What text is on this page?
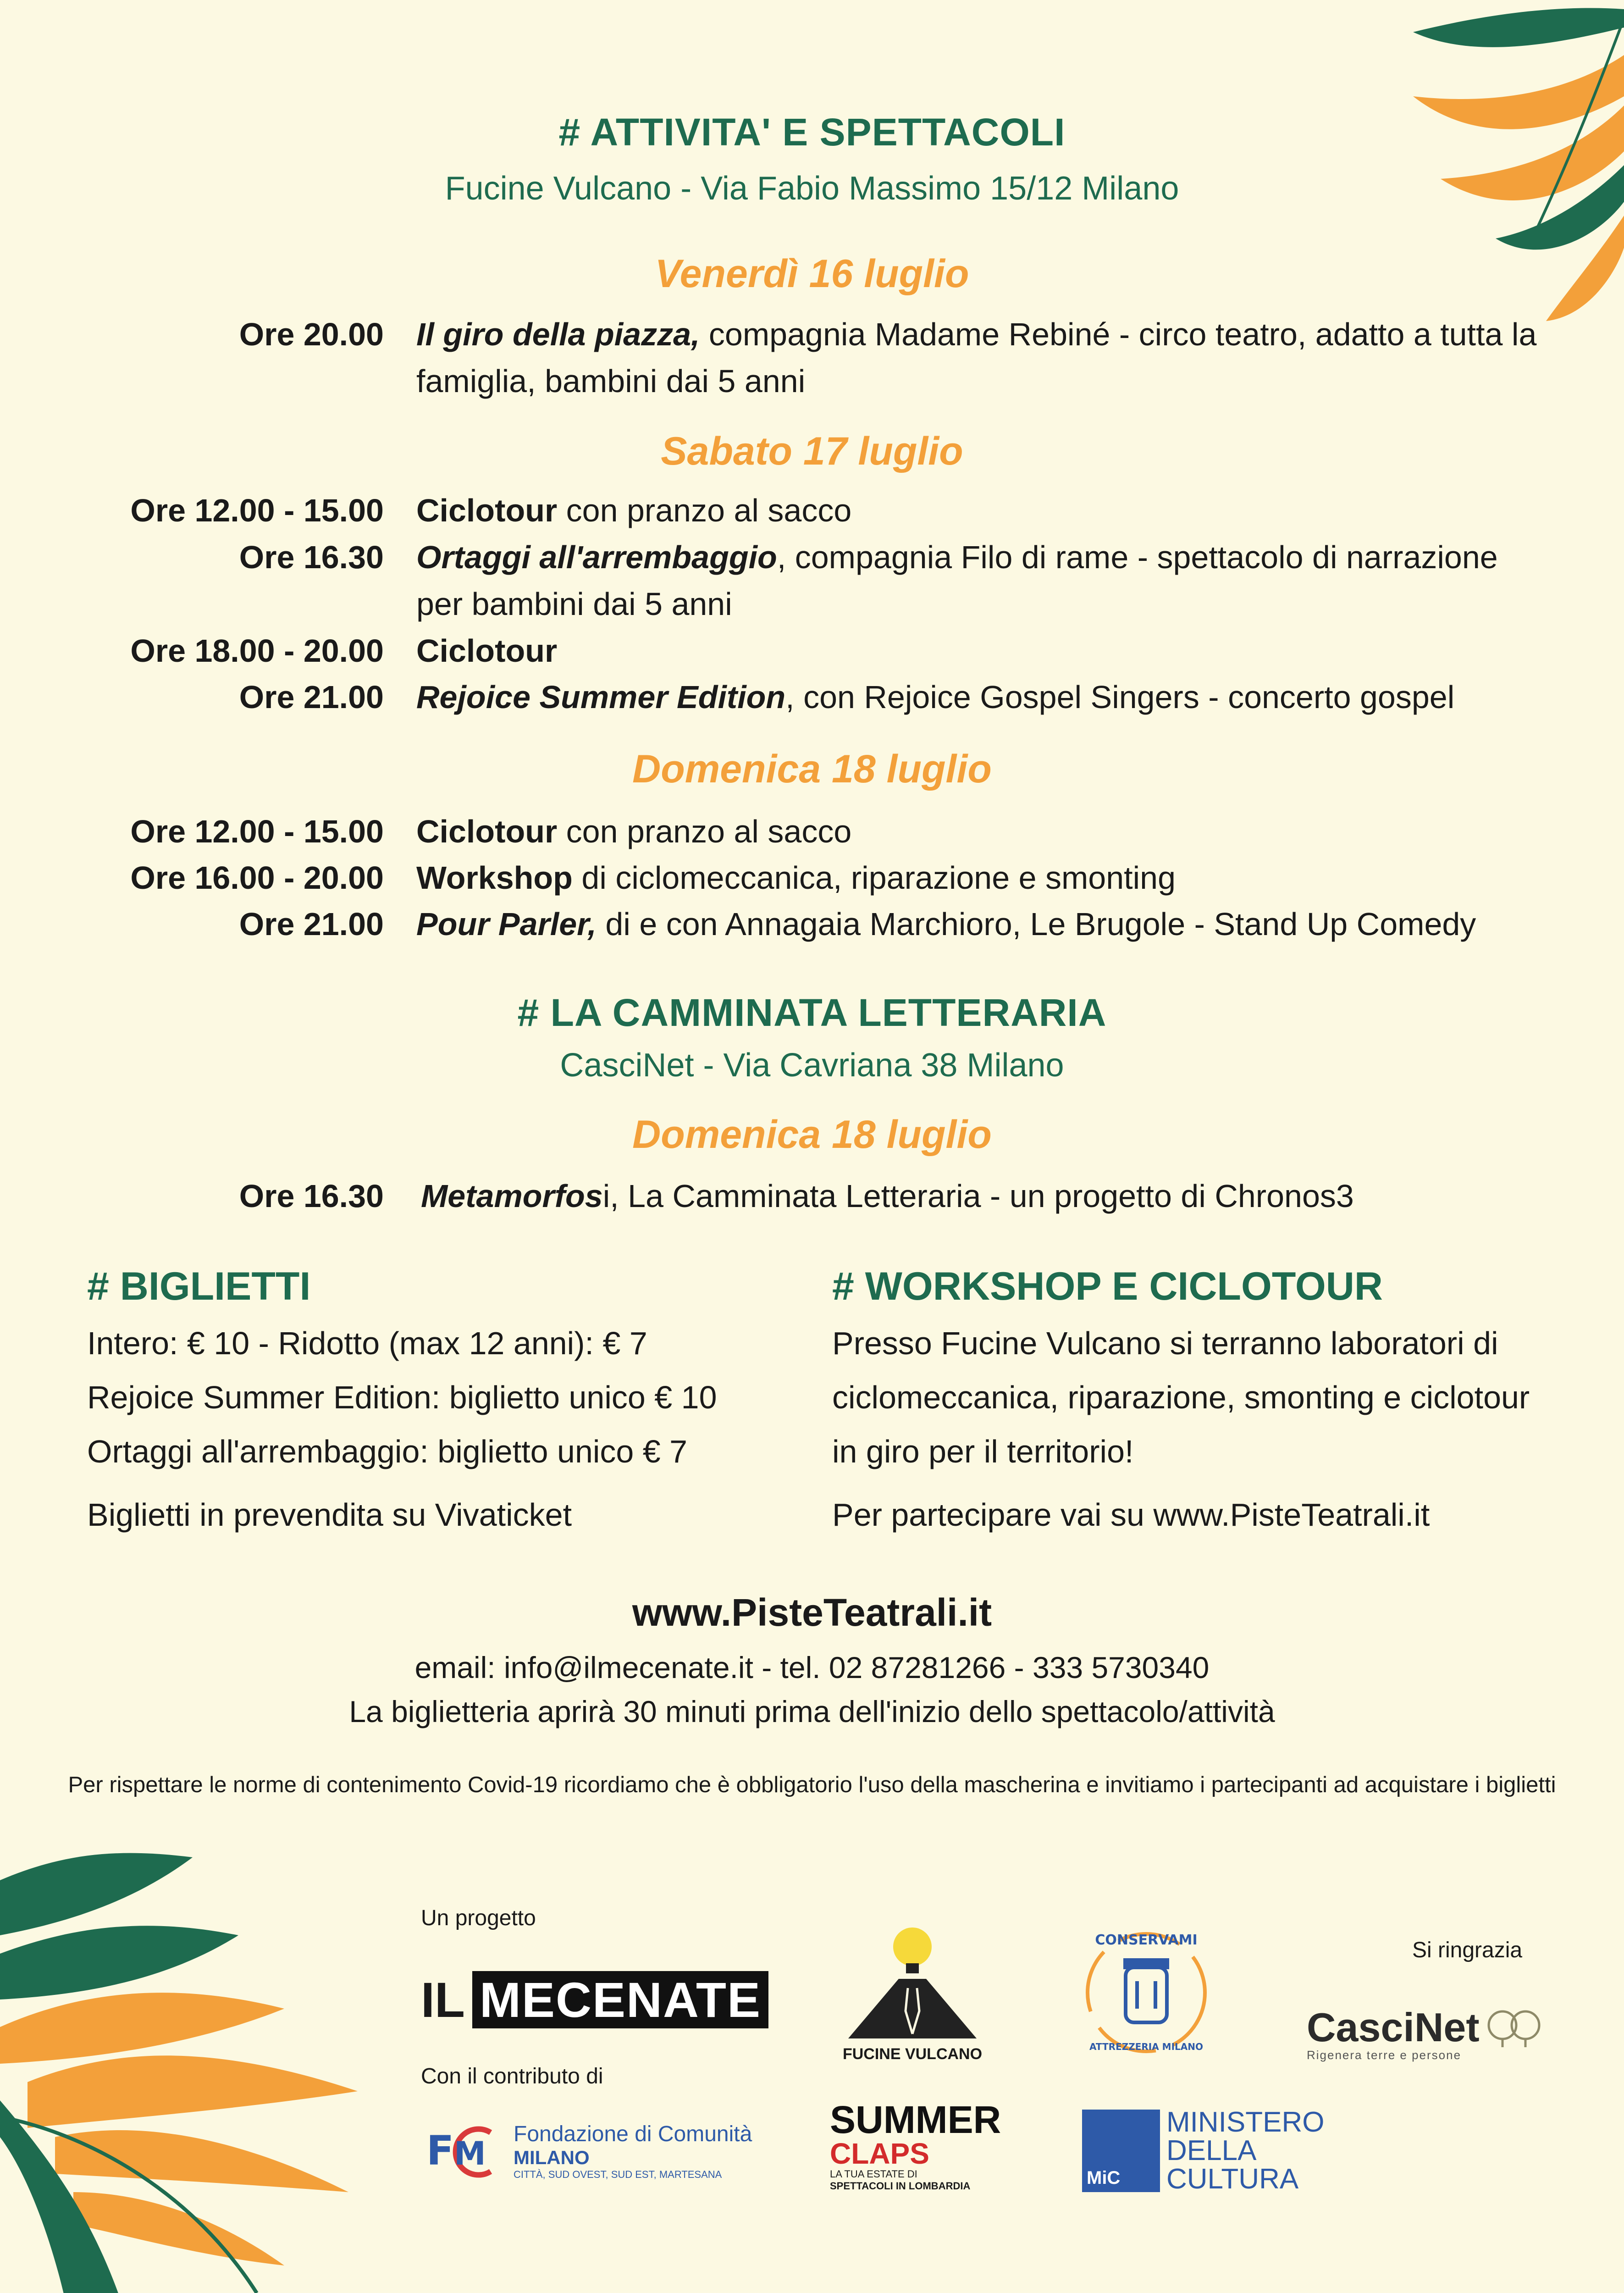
# ATTIVITA' E SPETTACOLI
Fucine Vulcano - Via Fabio Massimo 15/12 Milano
Venerdì 16 luglio
Ore 20.00 Il giro della piazza, compagnia Madame Rebiné - circo teatro, adatto a tutta la famiglia, bambini dai 5 anni
Sabato 17 luglio
Ore 12.00 - 15.00 Ciclotour con pranzo al sacco
Ore 16.30 Ortaggi all'arrembaggio, compagnia Filo di rame - spettacolo di narrazione per bambini dai 5 anni
Ore 18.00 - 20.00 Ciclotour
Ore 21.00 Rejoice Summer Edition, con Rejoice Gospel Singers - concerto gospel
Domenica 18 luglio
Ore 12.00 - 15.00 Ciclotour con pranzo al sacco
Ore 16.00 - 20.00 Workshop di ciclomeccanica, riparazione e smonting
Ore 21.00 Pour Parler, di e con Annagaia Marchioro, Le Brugole - Stand Up Comedy
# LA CAMMINATA LETTERARIA
CasciNet - Via Cavriana 38 Milano
Domenica 18 luglio
Ore 16.30 Metamorfosi, La Camminata Letteraria - un progetto di Chronos3
# BIGLIETTI
Intero: € 10 - Ridotto (max 12 anni): € 7
Rejoice Summer Edition: biglietto unico € 10
Ortaggi all'arrembaggio: biglietto unico € 7
Biglietti in prevendita su Vivaticket
# WORKSHOP E CICLOTOUR
Presso Fucine Vulcano si terranno laboratori di ciclomeccanica, riparazione, smonting e ciclotour in giro per il territorio!
Per partecipare vai su www.PisteTeatrali.it
www.PisteTeatrali.it
email: info@ilmecenate.it - tel. 02 87281266 - 333 5730340
La biglietteria aprirà 30 minuti prima dell'inizio dello spettacolo/attività
Per rispettare le norme di contenimento Covid-19 ricordiamo che è obbligatorio l'uso della mascherina e invitiamo i partecipanti ad acquistare i biglietti
Un progetto
IL MECENATE
Con il contributo di
FUCINE VULCANO
CONSERVAMI
ATTREZZERIA MILANO
Si ringrazia
CasciNet
Rigenera terre e persone
F M
Fondazione di Comunità
MILANO
CITTÀ, SUD OVEST, SUD EST, MARTESANA
SUMMER
CLAPS
LA TUA ESTATE DI
SPETTACOLI IN LOMBARDIA	MiC
MINISTERO
DELLA
CULTURA
